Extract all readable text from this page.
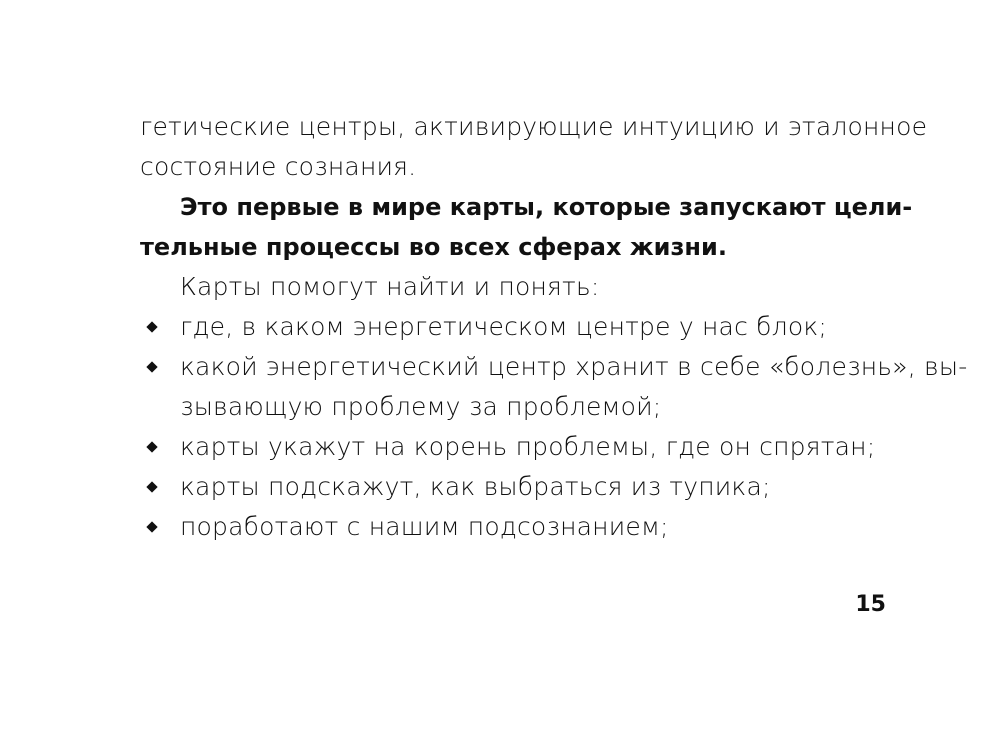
гетические центры, активирующие интуицию и эталонное
состояние сознания.
Это первые в мире карты, которые запускают цели-
тельные процессы во всех сферах жизни.
Карты помогут найти и понять:
где, в каком энергетическом центре у нас блок;
какой энергетический центр хранит в себе «болезнь», вы-
зывающую проблему за проблемой;
карты укажут на корень проблемы, где он спрятан;
карты подскажут, как выбраться из тупика;
поработают с нашим подсознанием;
15
